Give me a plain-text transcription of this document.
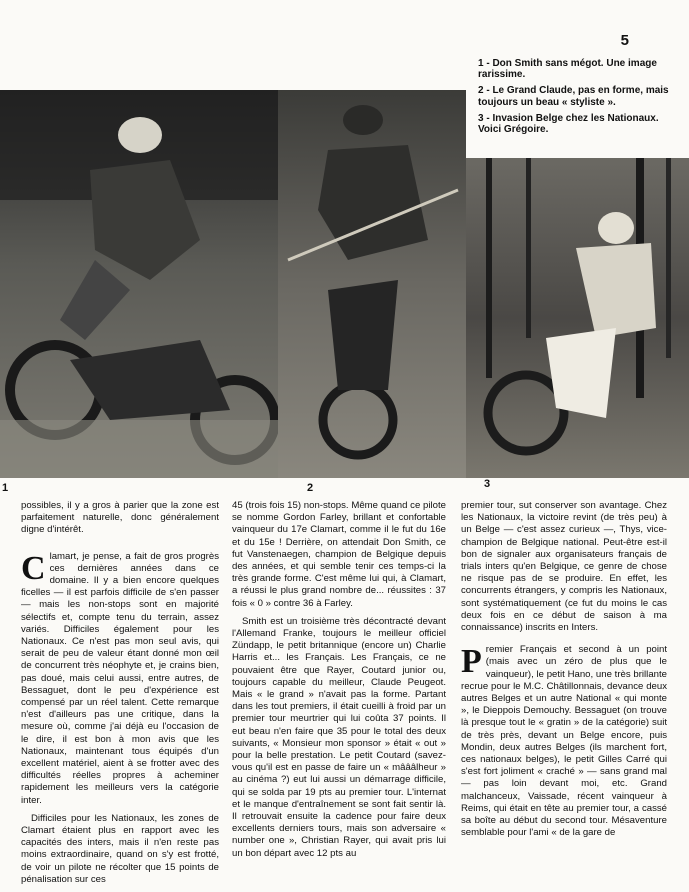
5

1 - Don Smith sans mégot. Une image rarissime.

2 - Le Grand Claude, pas en forme, mais toujours un beau « styliste ».

3 - Invasion Belge chez les Nationaux. Voici Grégoire.

1	2	3

possibles, il y a gros à parier que la zone est parfaitement naturelle, donc généralement digne d'intérêt.

Clamart, je pense, a fait de gros progrès ces dernières années dans ce domaine. Il y a bien encore quelques ficelles — il est parfois difficile de s'en passer — mais les non-stops sont en majorité sélectifs et, compte tenu du terrain, assez variés. Difficiles également pour les Nationaux. Ce n'est pas mon seul avis, qui serait de peu de valeur étant donné mon œil de concurrent très néophyte et, je crains bien, pas doué, mais celui aussi, entre autres, de Bessaguet, dont le peu d'expérience est compensé par un réel talent. Cette remarque n'est d'ailleurs pas une critique, dans la mesure où, comme j'ai déjà eu l'occasion de le dire, il est bon à mon avis que les Nationaux, maintenant tous équipés d'un excellent matériel, aient à se frotter avec des difficultés réelles propres à acheminer rapidement les meilleurs vers la catégorie inter.

Difficiles pour les Nationaux, les zones de Clamart étaient plus en rapport avec les capacités des inters, mais il n'en reste pas moins extraordinaire, quand on s'y est frotté, de voir un pilote ne récolter que 15 points de pénalisation sur ces

45 (trois fois 15) non-stops. Même quand ce pilote se nomme Gordon Farley, brillant et confortable vainqueur du 17e Clamart, comme il le fut du 16e et du 15e ! Derrière, on attendait Don Smith, ce fut Vanstenaegen, champion de Belgique depuis des années, et qui semble tenir ces temps-ci la très grande forme. C'est même lui qui, à Clamart, a réussi le plus grand nombre de... réussites : 37 fois « 0 » contre 36 à Farley.

Smith est un troisième très décontracté devant l'Allemand Franke, toujours le meilleur officiel Zündapp, le petit britannique (encore un) Charlie Harris et... les Français. Les Français, ce ne pouvaient être que Rayer, Coutard junior ou, toujours capable du meilleur, Claude Peugeot. Mais « le grand » n'avait pas la forme. Partant dans les tout premiers, il était cueilli à froid par un premier tour meurtrier qui lui coûta 37 points. Il eut beau n'en faire que 35 pour le total des deux suivants, « Monsieur mon sponsor » était « out » pour la belle prestation. Le petit Coutard (savez-vous qu'il est en passe de faire un « mâââlheur » au cinéma ?) eut lui aussi un démarrage difficile, qui se solda par 19 pts au premier tour. L'internat et le manque d'entraînement se sont fait sentir là. Il retrouvait ensuite la cadence pour faire deux excellents derniers tours, mais son adversaire « number one », Christian Rayer, qui avait pris lui un bon départ avec 12 pts au

premier tour, sut conserver son avantage. Chez les Nationaux, la victoire revint (de très peu) à un Belge — c'est assez curieux —, Thys, vice-champion de Belgique national. Peut-être est-il bon de signaler aux organisateurs français de trials inters qu'en Belgique, ce genre de chose ne risque pas de se produire. En effet, les concurrents étrangers, y compris les Nationaux, sont systématiquement (ce fut du moins le cas deux fois en ce début de saison à ma connaissance) inscrits en Inters.

Premier Français et second à un point (mais avec un zéro de plus que le vainqueur), le petit Hano, une très brillante recrue pour le M.C. Châtillonnais, devance deux autres Belges et un autre National « qui monte », le Dieppois Demouchy. Bessaguet (on trouve là presque tout le « gratin » de la catégorie) suit de très près, devant un Belge encore, puis Mondin, deux autres Belges (ils marchent fort, ces nationaux belges), le petit Gilles Carré qui s'est fort joliment « craché » — sans grand mal — pas loin devant moi, etc. Grand malchanceux, Vaissade, récent vainqueur à Reims, qui était en tête au premier tour, a cassé sa boîte au début du second tour. Mésaventure semblable pour l'ami « de la gare de
